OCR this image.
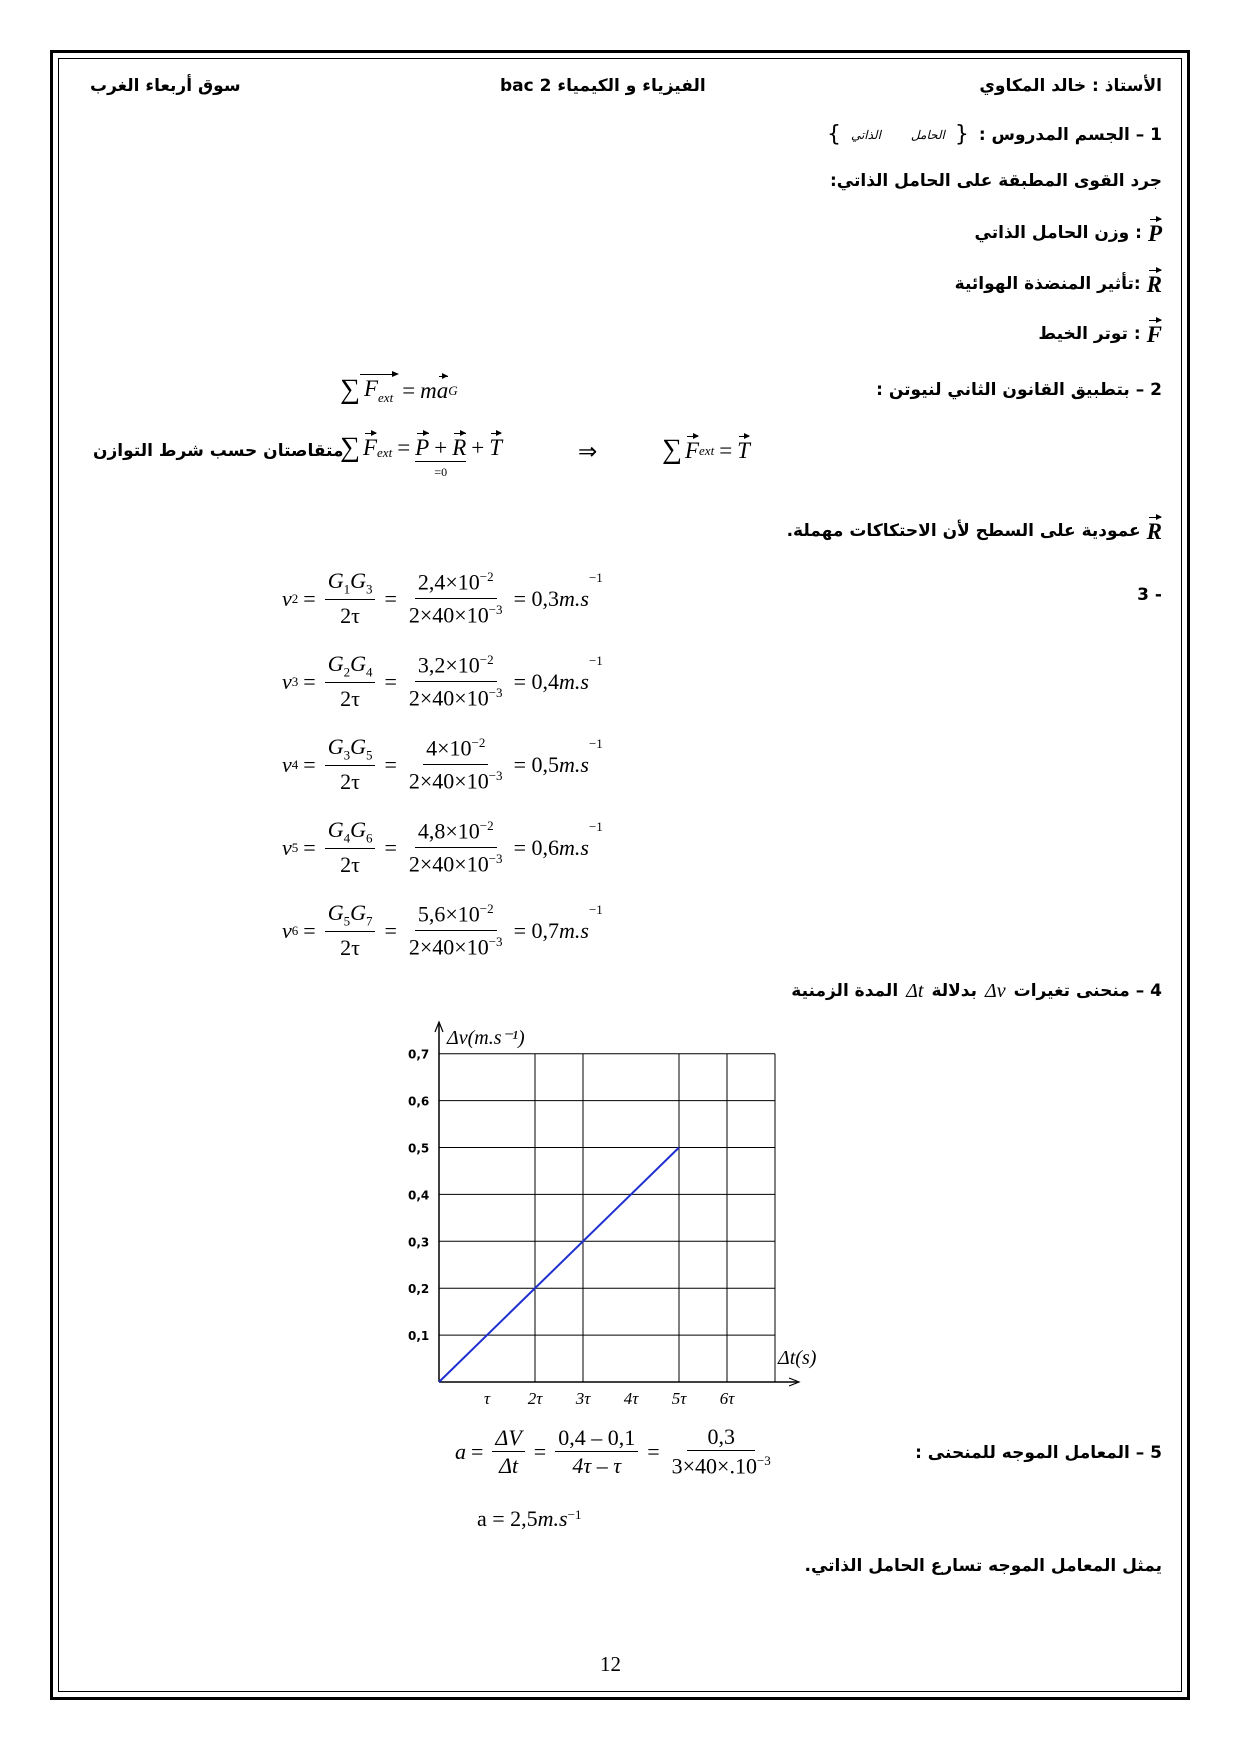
الأستاذ : خالد المكاوي
الفيزياء و الكيمياء 2 bac
سوق أربعاء الغرب
1 – الجسم المدروس :
{
الحامل
الذاتي
}
جرد القوى المطبقة على الحامل الذاتي:
P
: وزن الحامل الذاتي
R
:تأثير المنضذة الهوائية
F
: توتر الخيط
2 – بتطبيق القانون الثاني لنيوتن :
∑ $F_{ext} = m$ a G
متقاصتان حسب شرط التوازن
∑ F ext = P + R
=0
+ T	⇒ ∑ F ext = T
R
عمودية على السطح لأن الاحتكاكات مهملة.
- 3
v $2 = \frac{G_1G_3}{2\tau} = \frac{2,4\times 10^{-2}}{2\times 40\times 10^{-3}} = 0,3$ m.s
$^{-1}$
v $3 = \frac{G_2G_4}{2\tau} = \frac{3,2\times 10^{-2}}{2\times 40\times 10^{-3}} = 0,4$ m.s
$^{-1}$
v $4 = \frac{G_3G_5}{2\tau} = \frac{4\times 10^{-2}}{2\times 40\times 10^{-3}} = 0,5$ m.s
$^{-1}$
v $5 = \frac{G_4G_6}{2\tau} = \frac{4,8\times 10^{-2}}{2\times 40\times 10^{-3}} = 0,6$ m.s
$^{-1}$
v $6 = \frac{G_5G_7}{2\tau} = \frac{5,6\times 10^{-2}}{2\times 40\times 10^{-3}} = 0,7$ m.s
$^{-1}$
4 – منحنى تغيرات
Δv
بدلالة
Δt
المدة الزمنية
0,1
0,2
0,3
0,4
0,5
0,6
0,7
τ 2τ 3τ 4τ 5τ 6τ
Δv(m.s⁻¹)
Δt(s)
5 – المعامل الموجه للمنحنى :
$a = \frac{\Delta V}{\Delta t} = \frac{0,4 - 0,1}{4\tau - \tau} = \frac{0,3}{3\times 40\times.10^{-3}}$
a = 2,5 $m.s^{-1}$
يمثل المعامل الموجه تسارع الحامل الذاتي.
12
